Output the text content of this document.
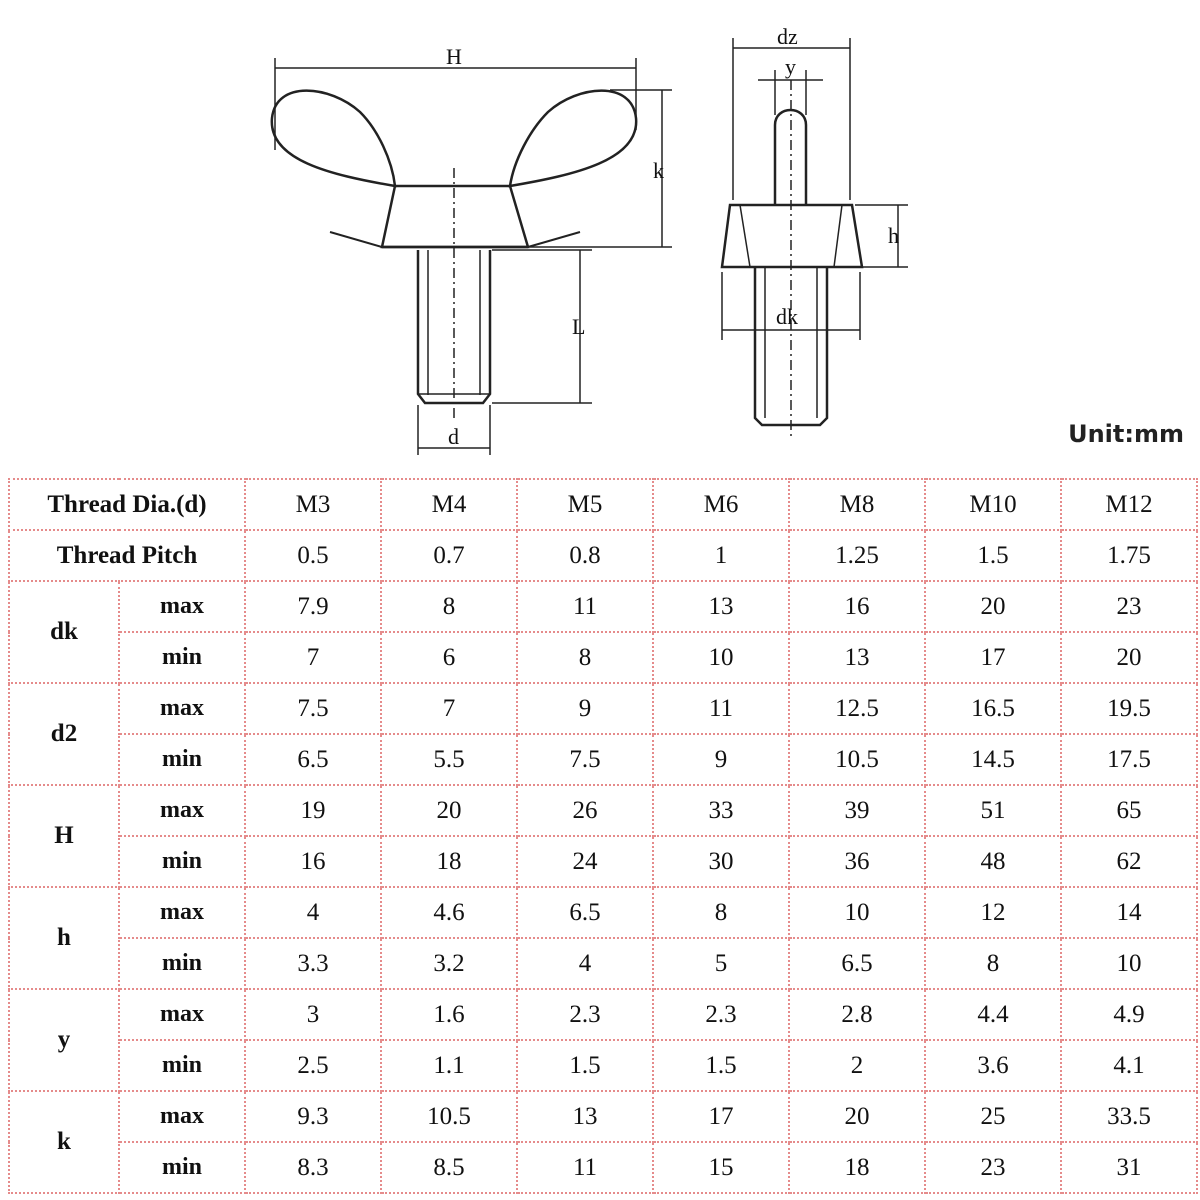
H
k
L
d
dz
y
h
dk
Unit:mm
Thread Dia.(d)		M3	M4	M5	M6	M8	M10	M12
Thread Pitch		0.5	0.7	0.8	1	1.25	1.5	1.75
dk	max	7.9	8	11	13	16	20	23
	min	7	6	8	10	13	17	20
d2	max	7.5	7	9	11	12.5	16.5	19.5
	min	6.5	5.5	7.5	9	10.5	14.5	17.5
H	max	19	20	26	33	39	51	65
	min	16	18	24	30	36	48	62
h	max	4	4.6	6.5	8	10	12	14
	min	3.3	3.2	4	5	6.5	8	10
y	max	3	1.6	2.3	2.3	2.8	4.4	4.9
	min	2.5	1.1	1.5	1.5	2	3.6	4.1
k	max	9.3	10.5	13	17	20	25	33.5
	min	8.3	8.5	11	15	18	23	31
